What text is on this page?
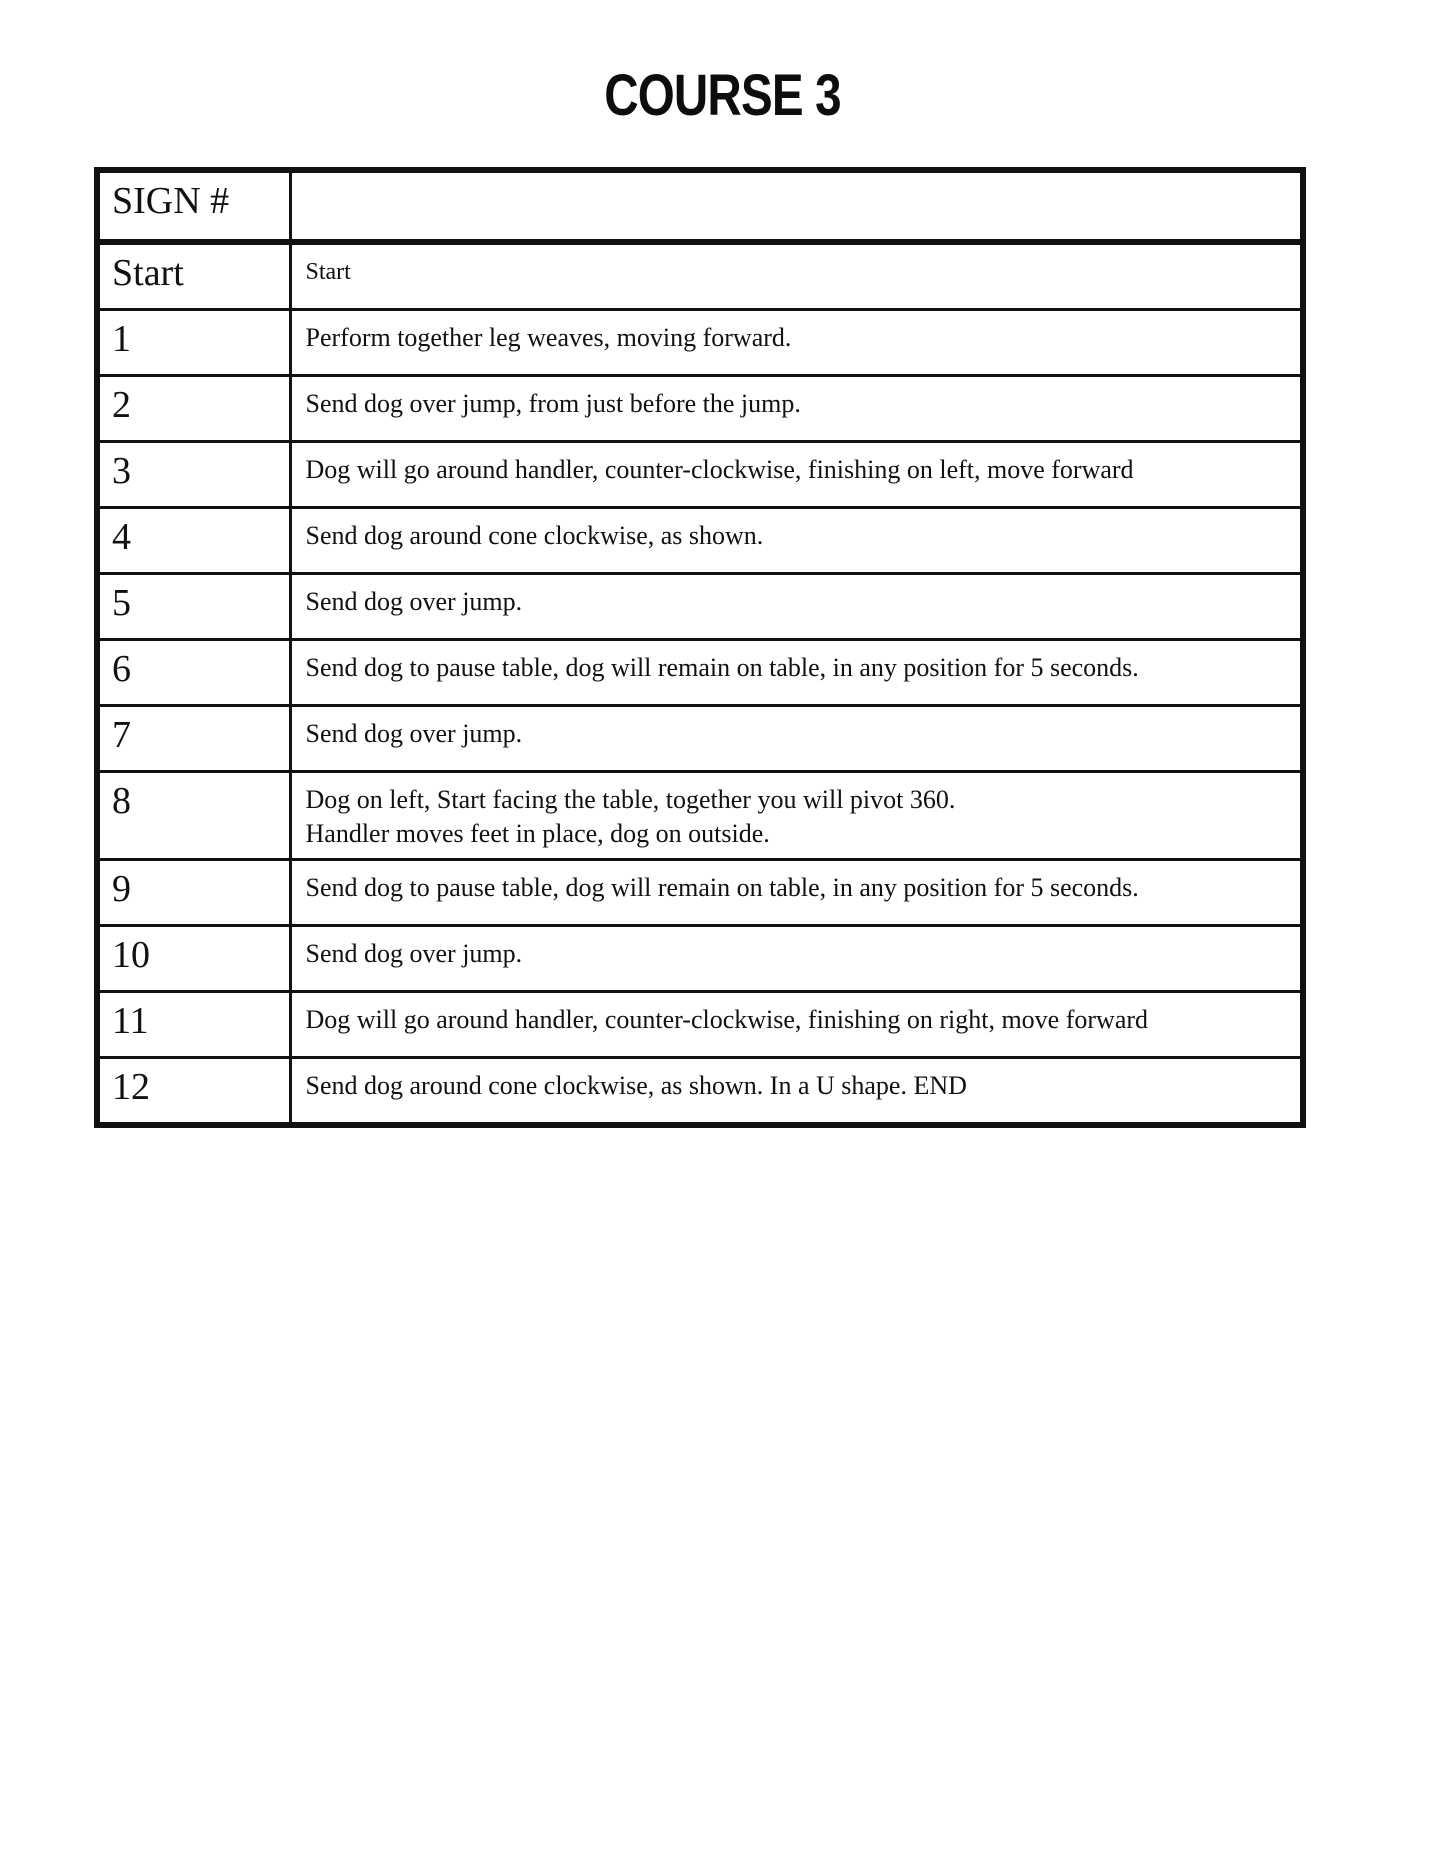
COURSE 3
SIGN #	
Start	Start
1	Perform together leg weaves, moving forward.
2	Send dog over jump, from just before the jump.
3	Dog will go around handler, counter-clockwise, finishing on left, move forward
4	Send dog around cone clockwise, as shown.
5	Send dog over jump.
6	Send dog to pause table, dog will remain on table, in any position for 5 seconds.
7	Send dog over jump.
8	Dog on left, Start facing the table, together you will pivot 360.
Handler moves feet in place, dog on outside.

9	Send dog to pause table, dog will remain on table, in any position for 5 seconds.
10	Send dog over jump.
11	Dog will go around handler, counter-clockwise, finishing on right, move forward
12	Send dog around cone clockwise, as shown. In a U shape. END
